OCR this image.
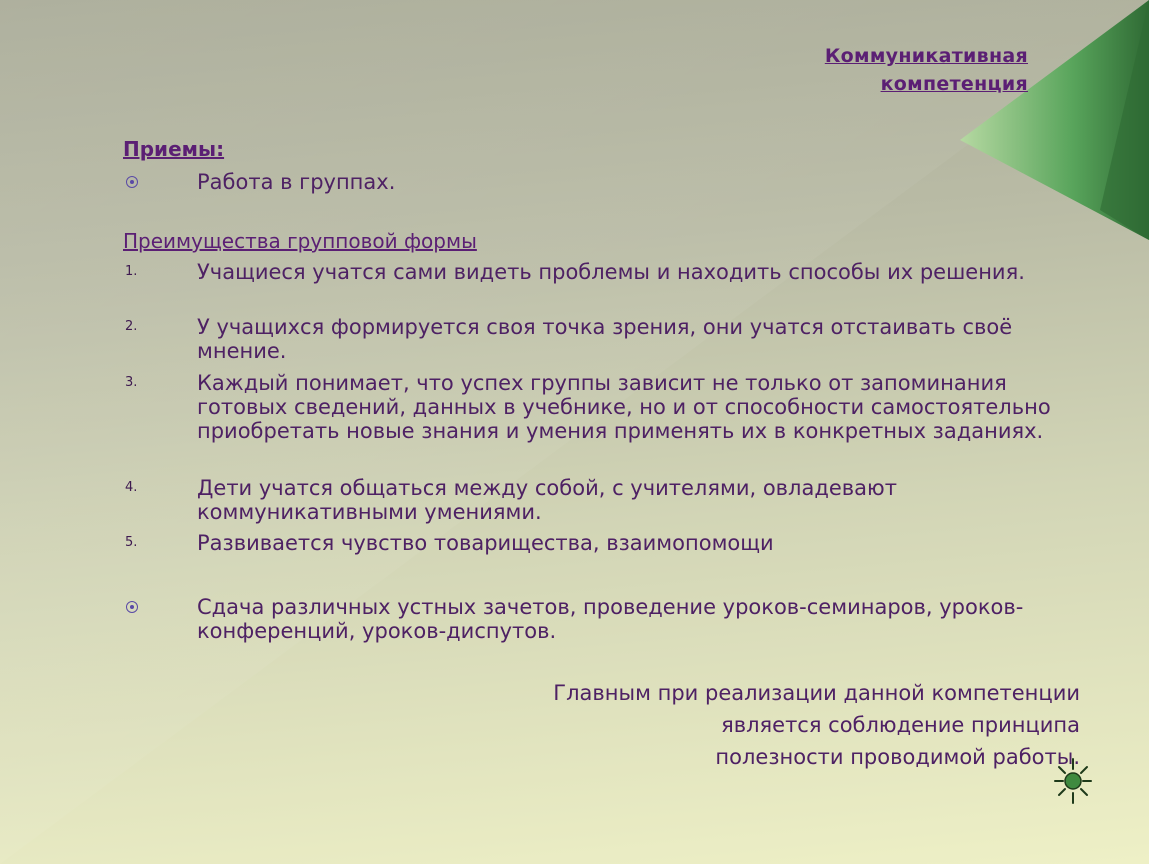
Коммуникативная
компетенция
Приемы:
Работа в группах.
Преимущества групповой формы
1.	Учащиеся учатся сами видеть проблемы и находить способы их решения.
2.	У учащихся формируется своя точка зрения, они учатся отстаивать своё мнение.
3.	Каждый понимает, что успех группы зависит не только от запоминания готовых сведений, данных в учебнике, но и от способности самостоятельно приобретать новые знания и умения применять их в конкретных заданиях.
4.	Дети учатся общаться между собой, с учителями, овладевают коммуникативными умениями.
5.	Развивается чувство товарищества, взаимопомощи
Сдача различных устных зачетов, проведение уроков-семинаров, уроков-конференций, уроков-диспутов.
Главным при реализации данной компетенции
является соблюдение принципа
полезности проводимой работы.
